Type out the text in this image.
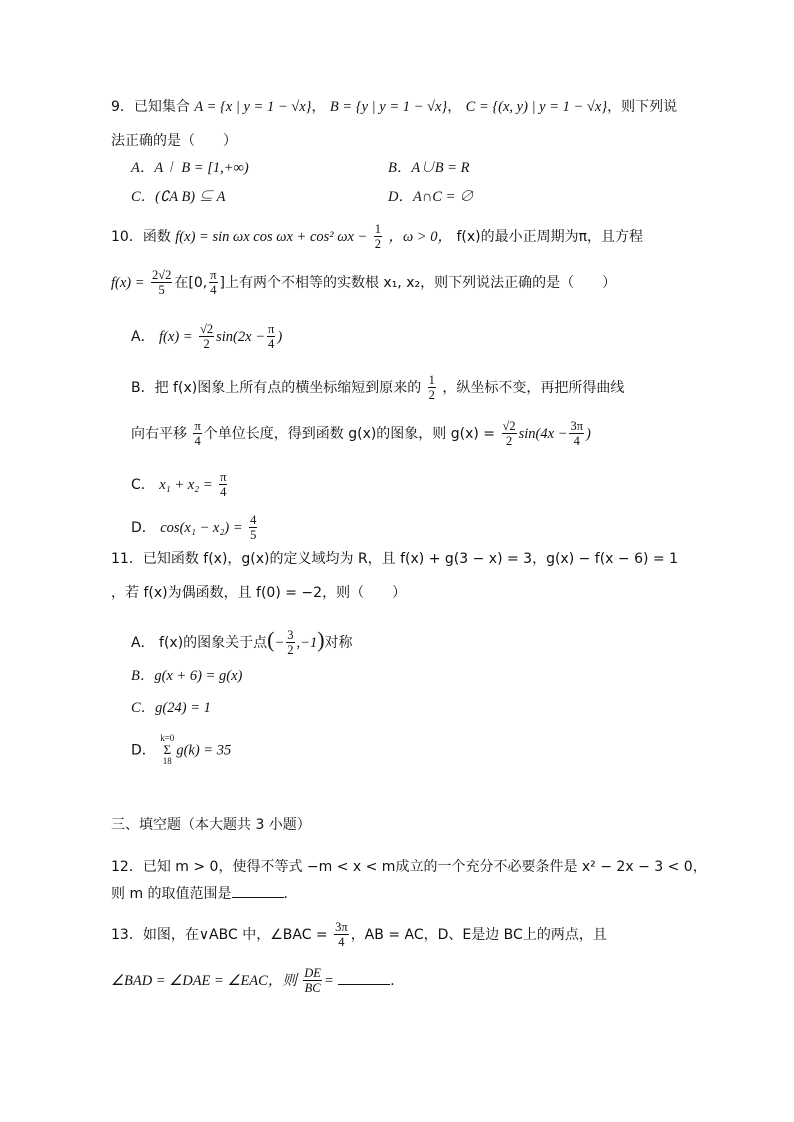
9．已知集合 A = {x | y = 1 − √x}， B = {y | y = 1 − √x}， C = {(x, y) | y = 1 − √x}，则下列说
法正确的是（　　）
A．A∣ B = [1,+∞)	B．A∪B = R
C．(∁A B) ⊆ A	D．A∩C = ∅
10．函数 f(x) = sin ωx cos ωx + cos² $\omega x - \frac{1}{2}$ ，ω > 0， f(x)的最小正周期为π，且方程
$f(x) = \frac{2√2}{5}$ 在[0, $\frac{\pi}{4}$ ]上有两个不相等的实数根 x₁, x₂，则下列说法正确的是（　　）
A． $f(x) = \frac{√2}{2} \sin(2x - \frac{\pi}{4}$ )
B．把 f(x)图象上所有点的横坐标缩短到原来的 $\frac{1}{2}$ ，纵坐标不变，再把所得曲线
向右平移 $\frac{\pi}{4}$ 个单位长度，得到函数 g(x)的图象，则 $g(x) = \frac{√2}{2} \sin(4x - \frac{3\pi}{4}$ )
C． $x_1 + x_2 = \frac{\pi}{4}$
D． $\cos(x_1 - x_2) = \frac{4}{5}$
11．已知函数 f(x)，g(x)的定义域均为 R，且 f(x) + g(3 − x) = 3，g(x) − f(x − 6) = 1
，若 f(x)为偶函数，且 f(0) = −2，则（　　）
A． f(x)的图象关于点(− $\frac{3}{2} ,-1$)对称
B．g(x + 6) = g(x)
C．g(24) = 1
D． k=0
Σ
18g(k) = 35
三、填空题（本大题共 3 小题）
12．已知 m > 0，使得不等式 −m < x < m成立的一个充分不必要条件是 x² − 2x − 3 < 0，
则 m 的取值范围是	．
13．如图，在∨ABC 中，∠BAC = $\frac{3\pi}{4}$ ，AB = AC，D、E是边 BC上的两点，且
∠BAD = ∠DAE = ∠EAC，则 $\frac{DE}{BC}$ =	．
